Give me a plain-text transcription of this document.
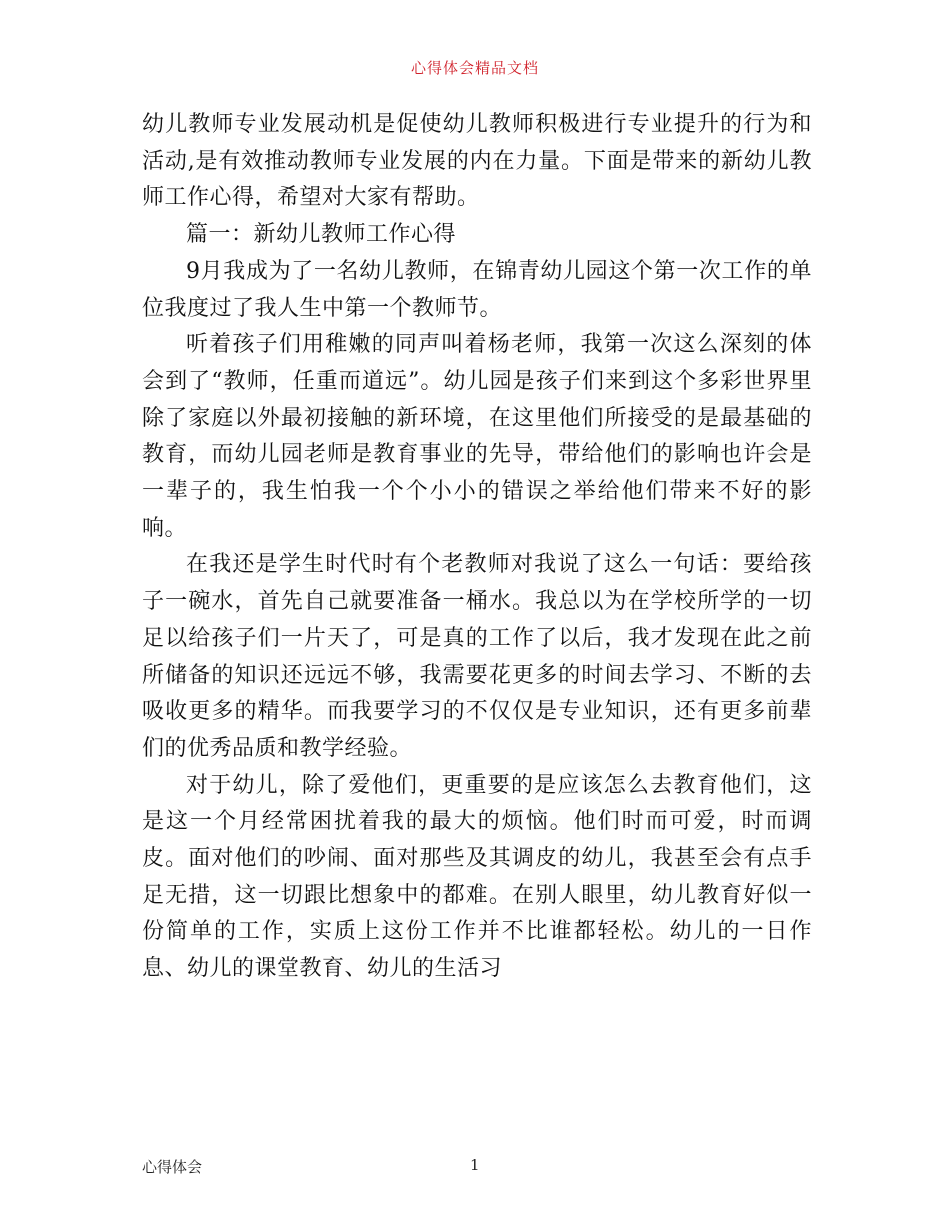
心得体会精品文档

幼儿教师专业发展动机是促使幼儿教师积极进行专业提升的行为和活动,是有效推动教师专业发展的内在力量。下面是带来的新幼儿教师工作心得，希望对大家有帮助。

篇一：新幼儿教师工作心得

9月我成为了一名幼儿教师，在锦青幼儿园这个第一次工作的单位我度过了我人生中第一个教师节。

听着孩子们用稚嫩的同声叫着杨老师，我第一次这么深刻的体会到了“教师，任重而道远”。幼儿园是孩子们来到这个多彩世界里除了家庭以外最初接触的新环境，在这里他们所接受的是最基础的教育，而幼儿园老师是教育事业的先导，带给他们的影响也许会是一辈子的，我生怕我一个个小小的错误之举给他们带来不好的影响。

在我还是学生时代时有个老教师对我说了这么一句话：要给孩子一碗水，首先自己就要准备一桶水。我总以为在学校所学的一切足以给孩子们一片天了，可是真的工作了以后，我才发现在此之前所储备的知识还远远不够，我需要花更多的时间去学习、不断的去吸收更多的精华。而我要学习的不仅仅是专业知识，还有更多前辈们的优秀品质和教学经验。

对于幼儿，除了爱他们，更重要的是应该怎么去教育他们，这是这一个月经常困扰着我的最大的烦恼。他们时而可爱，时而调皮。面对他们的吵闹、面对那些及其调皮的幼儿，我甚至会有点手足无措，这一切跟比想象中的都难。在别人眼里，幼儿教育好似一份简单的工作，实质上这份工作并不比谁都轻松。幼儿的一日作息、幼儿的课堂教育、幼儿的生活习

心得体会	1
